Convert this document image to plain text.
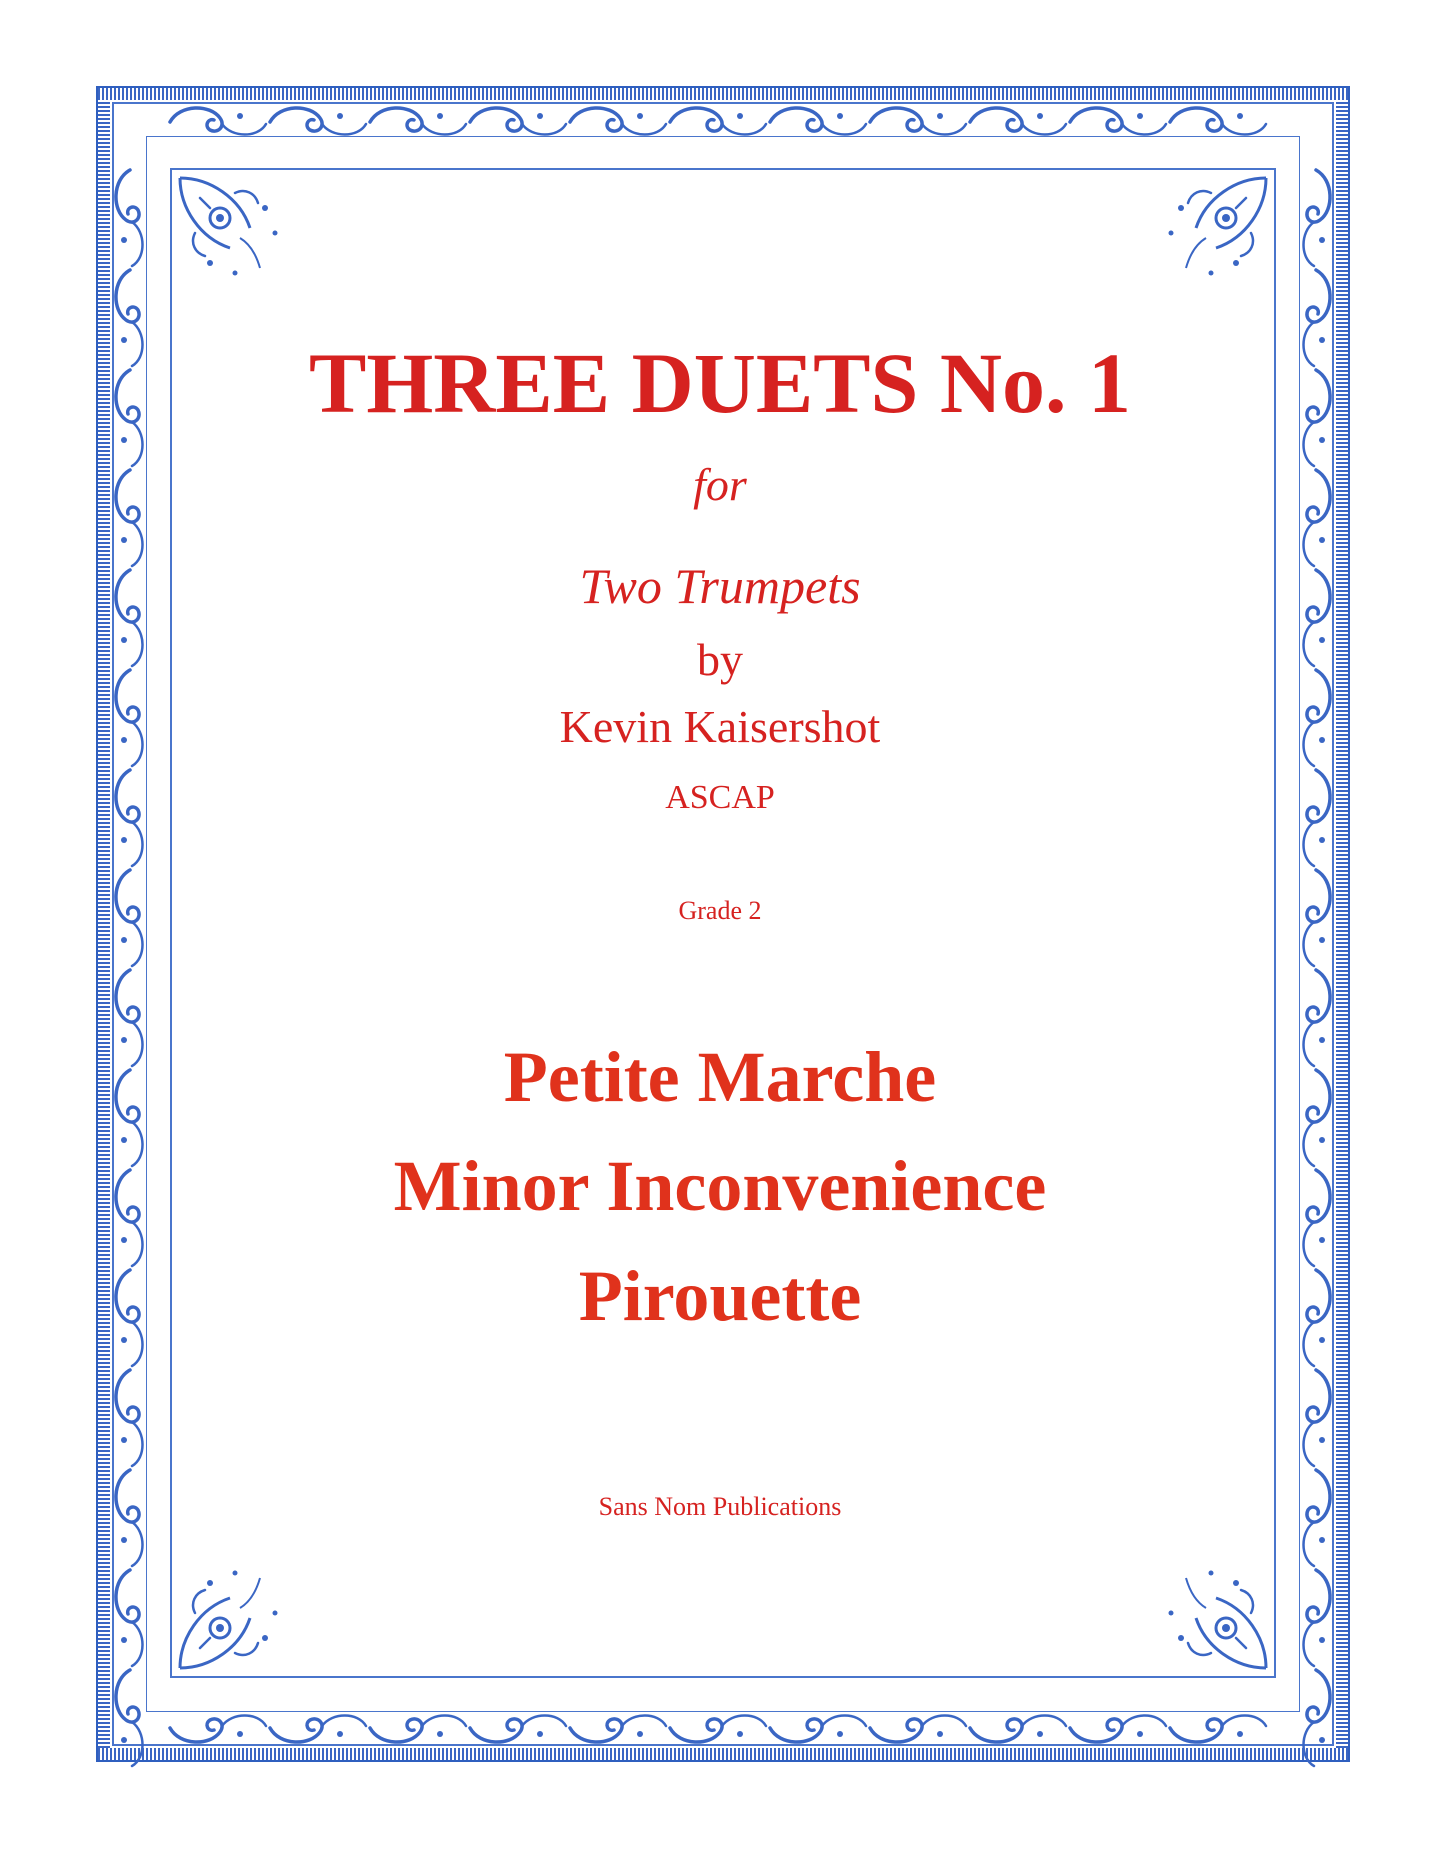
THREE DUETS No. 1
for
Two Trumpets
by
Kevin Kaisershot
ASCAP
Grade 2
Petite Marche
Minor Inconvenience
Pirouette
Sans Nom Publications
